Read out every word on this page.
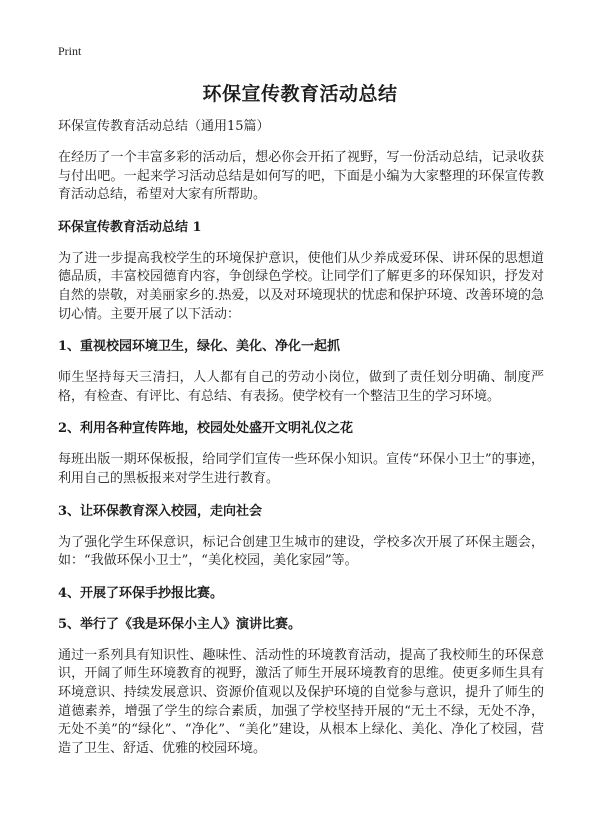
Print
环保宣传教育活动总结
环保宣传教育活动总结（通用15篇）

在经历了一个丰富多彩的活动后，想必你会开拓了视野，写一份活动总结，记录收获与付出吧。一起来学习活动总结是如何写的吧，下面是小编为大家整理的环保宣传教育活动总结，希望对大家有所帮助。

环保宣传教育活动总结 1

为了进一步提高我校学生的环境保护意识，使他们从少养成爱环保、讲环保的思想道德品质，丰富校园德育内容，争创绿色学校。让同学们了解更多的环保知识，抒发对自然的崇敬，对美丽家乡的.热爱，以及对环境现状的忧虑和保护环境、改善环境的急切心情。主要开展了以下活动：

1、重视校园环境卫生，绿化、美化、净化一起抓

师生坚持每天三清扫，人人都有自己的劳动小岗位，做到了责任划分明确、制度严格，有检查、有评比、有总结、有表扬。使学校有一个整洁卫生的学习环境。

2、利用各种宣传阵地，校园处处盛开文明礼仪之花

每班出版一期环保板报，给同学们宣传一些环保小知识。宣传“环保小卫士”的事迹，利用自己的黑板报来对学生进行教育。

3、让环保教育深入校园，走向社会

为了强化学生环保意识，标记合创建卫生城市的建设，学校多次开展了环保主题会，如：“我做环保小卫士”，“美化校园，美化家园”等。

4、开展了环保手抄报比赛。
5、举行了《我是环保小主人》演讲比赛。

通过一系列具有知识性、趣味性、活动性的环境教育活动，提高了我校师生的环保意识，开阔了师生环境教育的视野，激活了师生开展环境教育的思维。使更多师生具有环境意识、持续发展意识、资源价值观以及保护环境的自觉参与意识，提升了师生的道德素养，增强了学生的综合素质，加强了学校坚持开展的“无土不绿，无处不净，无处不美”的“绿化”、“净化”、“美化”建设，从根本上绿化、美化、净化了校园，营造了卫生、舒适、优雅的校园环境。
